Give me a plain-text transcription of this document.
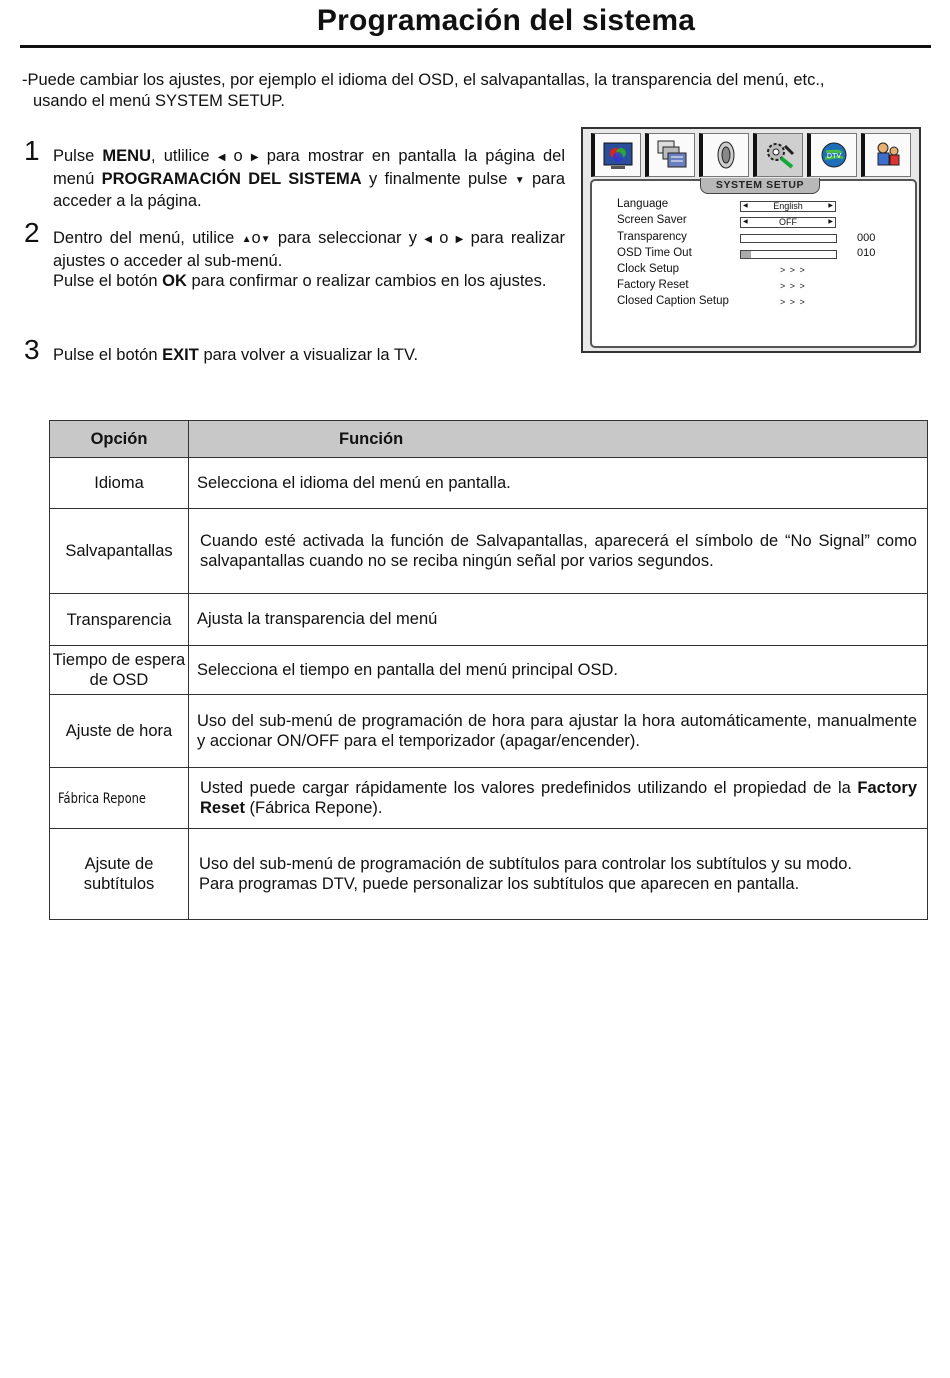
Programación del sistema
-Puede cambiar los ajustes, por ejemplo el idioma del OSD, el salvapantallas, la transparencia del menú, etc.,
usando el menú SYSTEM SETUP.
1 Pulse MENU, utlilice ◀ o ▶ para mostrar en pantalla la página del menú PROGRAMACIÓN DEL SISTEMA y finalmente pulse ▼ para acceder a la página.
2 Dentro del menú, utilice ▲o▼ para seleccionar y ◀ o ▶ para realizar ajustes o acceder al sub-menú.
Pulse el botón OK para confirmar o realizar cambios en los ajustes.
3 Pulse el botón EXIT para volver a visualizar la TV.
DTV
SYSTEM SETUP
Language	◀	English	▶
Screen Saver	◀	OFF	▶
Transparency	000
OSD Time Out	010
Clock Setup	> > >
Factory Reset	> > >
Closed Caption Setup	> > >
Opción	Función
Idioma	Selecciona el idioma del menú en pantalla.
Salvapantallas	Cuando esté activada la función de Salvapantallas, aparecerá el símbolo de “No Signal” como salvapantallas cuando no se reciba ningún señal por varios segundos.
Transparencia	Ajusta la transparencia del menú
Tiempo de espera de OSD	Selecciona el tiempo en pantalla del menú principal OSD.
Ajuste de hora	Uso del sub-menú de programación de hora para ajustar la hora automáticamente, manualmente y accionar ON/OFF para el temporizador (apagar/encender).
Fábrica Repone	Usted puede cargar rápidamente los valores predefinidos utilizando el propiedad de la Factory Reset (Fábrica Repone).
Ajsute de
subtítulos	Uso del sub-menú de programación de subtítulos para controlar los subtítulos y su modo.
Para programas DTV, puede personalizar los subtítulos que aparecen en pantalla.
